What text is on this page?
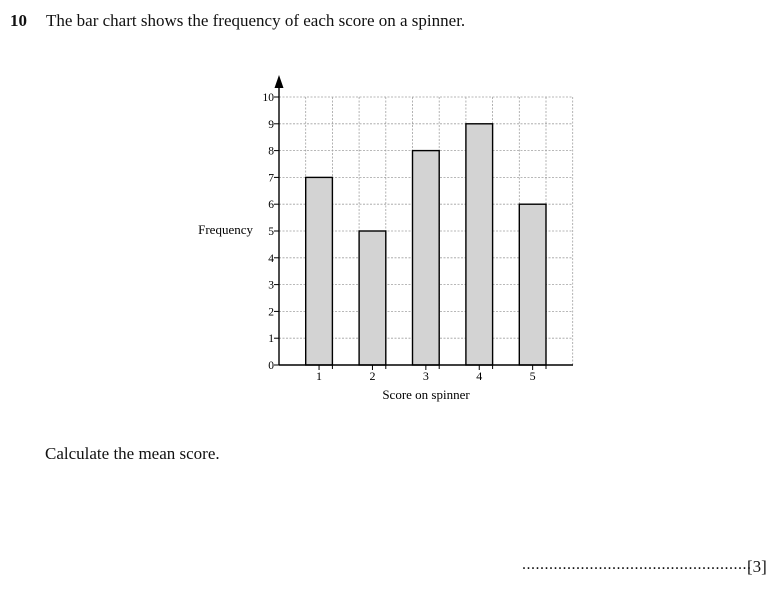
10 The bar chart shows the frequency of each score on a spinner.
0
1
2
3
4
5
6
7
8
9
10
1	2	3	4	5
Frequency
Score on spinner
Calculate the mean score.
...................................................
[3]
